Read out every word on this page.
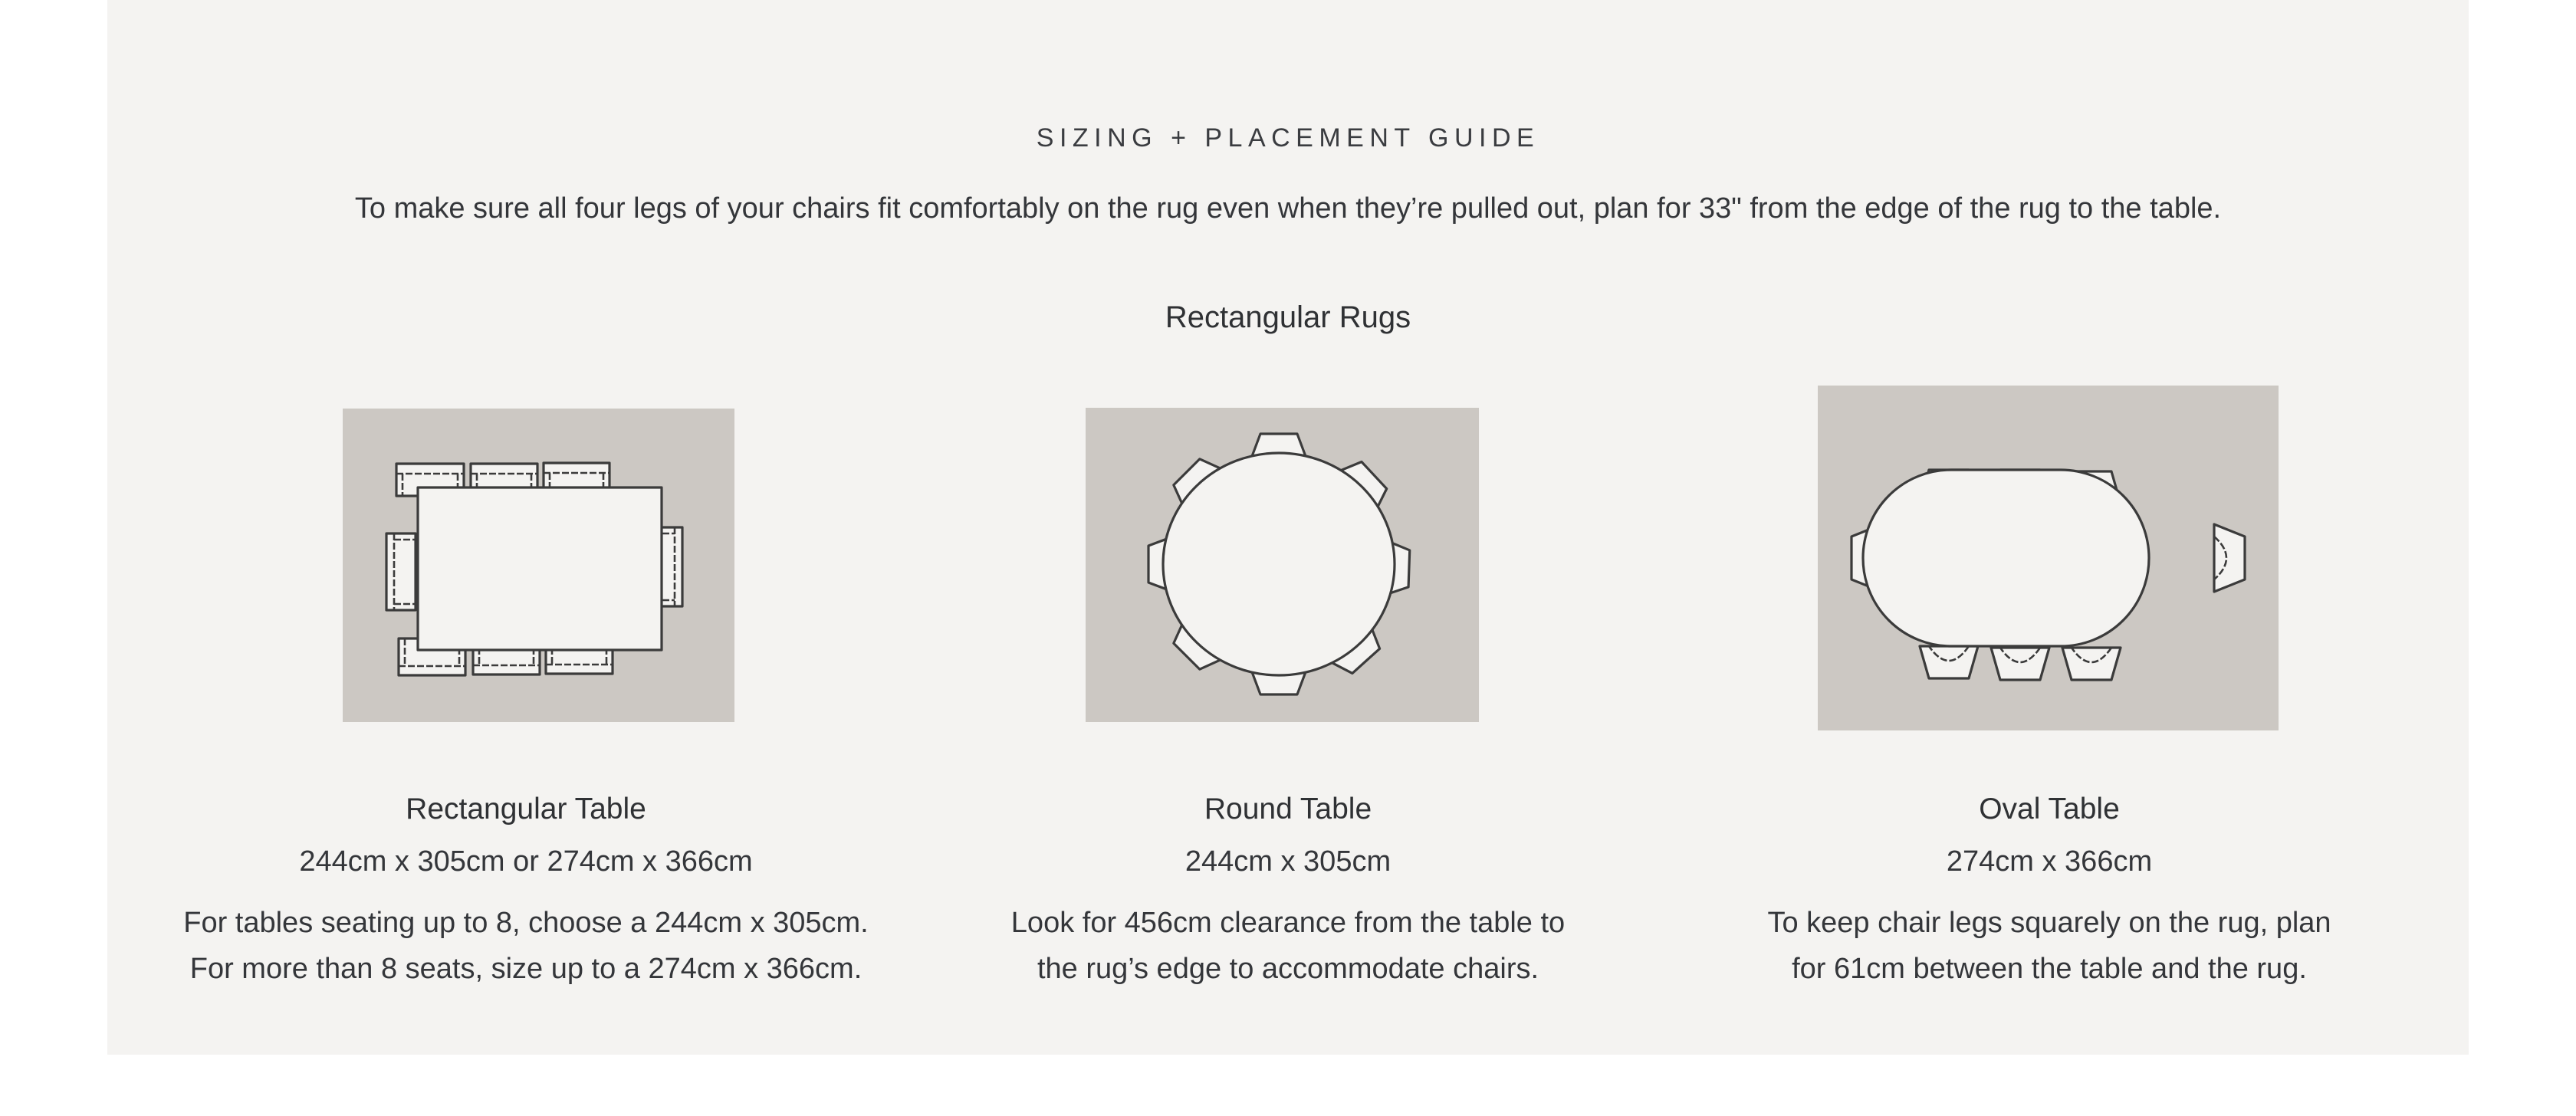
SIZING + PLACEMENT GUIDE
To make sure all four legs of your chairs fit comfortably on the rug even when they’re pulled out, plan for 33" from the edge of the rug to the table.
Rectangular Rugs
Rectangular Table
244cm x 305cm or 274cm x 366cm
For tables seating up to 8, choose a 244cm x 305cm.
For more than 8 seats, size up to a 274cm x 366cm.
Round Table
244cm x 305cm
Look for 456cm clearance from the table to
the rug’s edge to accommodate chairs.
Oval Table
274cm x 366cm
To keep chair legs squarely on the rug, plan
for 61cm between the table and the rug.
